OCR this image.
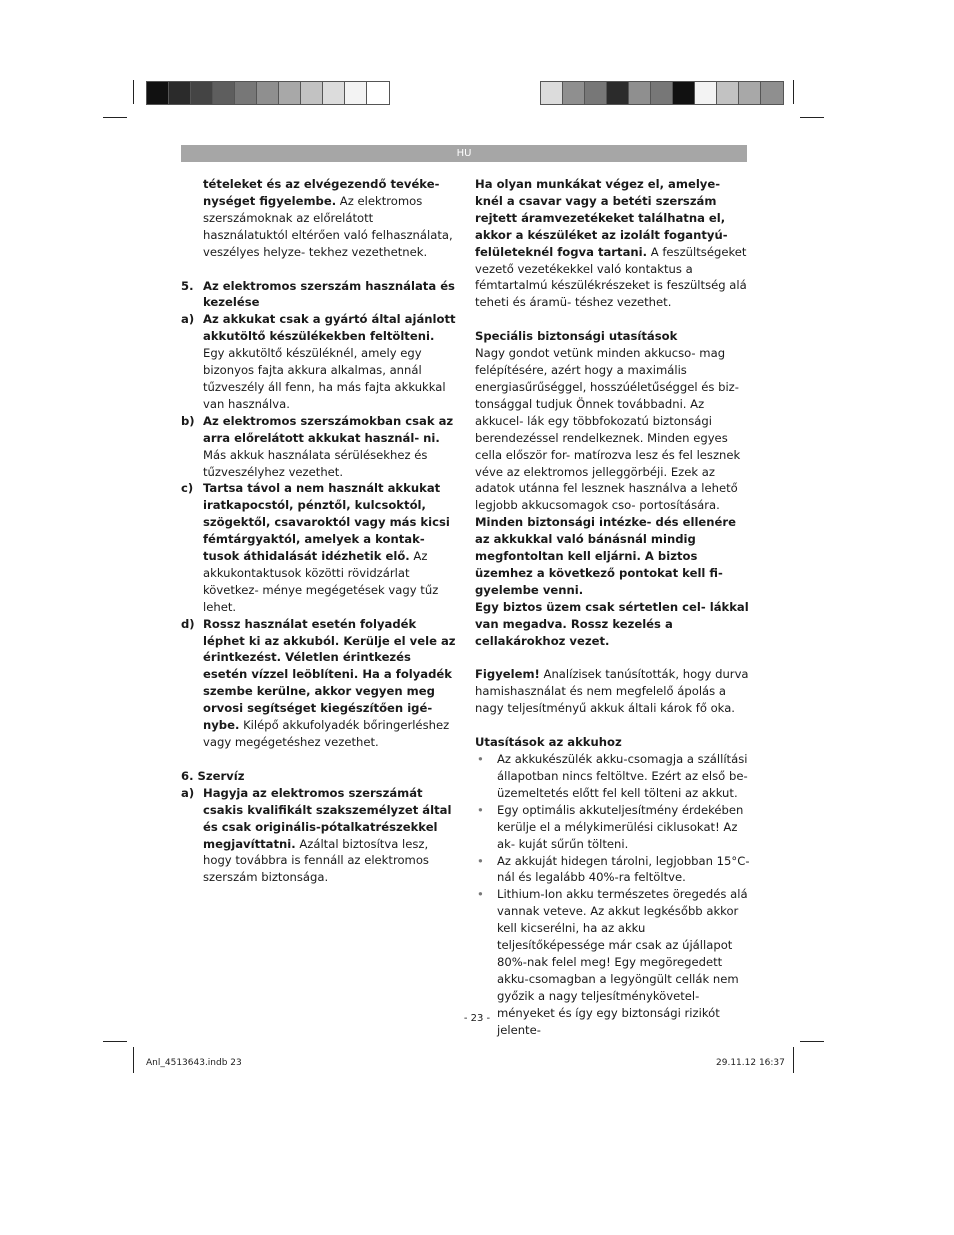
HU
tételeket és az elvégezendő tevéke- nységet figyelembe. Az elektromos szerszámoknak az előrelátott használatuktól eltérően való felhasználata, veszélyes helyze- tekhez vezethetnek.
5. Az elektromos szerszám használata és kezelése
a) Az akkukat csak a gyártó által ajánlott akkutöltő készülékekben feltölteni. Egy akkutöltő készüléknél, amely egy bizonyos fajta akkura alkalmas, annál tűzveszély áll fenn, ha más fajta akkukkal van használva.
b) Az elektromos szerszámokban csak az arra előrelátott akkukat használ- ni. Más akkuk használata sérülésekhez és tűzveszélyhez vezethet.
c) Tartsa távol a nem használt akkukat iratkapocstól, pénztől, kulcsoktól, szögektől, csavaroktól vagy más kicsi fémtárgyaktól, amelyek a kontak- tusok áthidalását idézhetik elő. Az akkukontaktusok közötti rövidzárlat következ- ménye megégetések vagy tűz lehet.
d) Rossz használat esetén folyadék léphet ki az akkuból. Kerülje el vele az érintkezést. Véletlen érintkezés esetén vízzel leöblíteni. Ha a folyadék szembe kerülne, akkor vegyen meg orvosi segítséget kiegészítően igé- nybe. Kilépő akkufolyadék bőringerléshez vagy megégetéshez vezethet.
6. Szervíz
a) Hagyja az elektromos szerszámát csakis kvalifikált szakszemélyzet által és csak originális-pótalkatrészekkel megjavíttatni. Azáltal biztosítva lesz, hogy továbbra is fennáll az elektromos szerszám biztonsága.

Ha olyan munkákat végez el, amelye- knél a csavar vagy a betéti szerszám rejtett áramvezetékeket találhatna el, akkor a készüléket az izolált fogantyú- felületeknél fogva tartani. A feszültségeket vezető vezetékekkel való kontaktus a fémtartalmú készülékrészeket is feszültség alá teheti és áramü- téshez vezethet.

Speciális biztonsági utasítások

Nagy gondot vetünk minden akkucso- mag felépítésére, azért hogy a maximális energiasűrűséggel, hosszúéletűséggel és biz- tonsággal tudjuk Önnek továbbadni. Az akkucel- lák egy többfokozatú biztonsági berendezéssel rendelkeznek. Minden egyes cella először for- matírozva lesz és fel lesznek véve az elektromos jelleggörbéji. Ezek az adatok utánna fel lesznek használva a lehető legjobb akkucsomagok cso- portosítására. Minden biztonsági intézke- dés ellenére az akkukkal való bánásnál mindig megfontoltan kell eljárni. A biztos üzemhez a következő pontokat kell fi- gyelembe venni.

Egy biztos üzem csak sértetlen cel- lákkal van megadva. Rossz kezelés a cellakárokhoz vezet.

Figyelem! Analízisek tanúsították, hogy durva hamishasználat és nem megfelelő ápolás a nagy teljesítményű akkuk általi károk fő oka.

Utasítások az akkuhoz
• Az akkukészülék akku-csomagja a szállítási állapotban nincs feltöltve. Ezért az első be- üzemeltetés előtt fel kell tölteni az akkut.
• Egy optimális akkuteljesítmény érdekében kerülje el a mélykimerülési ciklusokat! Az ak- kuját sűrűn tölteni.
• Az akkuját hidegen tárolni, legjobban 15°C- nál és legalább 40%-ra feltöltve.
• Lithium-Ion akku természetes öregedés alá vannak veteve. Az akkut legkésőbb akkor kell kicserélni, ha az akku teljesítőképessége már csak az újállapot 80%-nak felel meg! Egy megöregedett akku-csomagban a legyöngült cellák nem győzik a nagy teljesítménykövetel- ményeket és így egy biztonsági rizikót jelente-
- 23 -
Anl_4513643.indb 23	29.11.12 16:37
